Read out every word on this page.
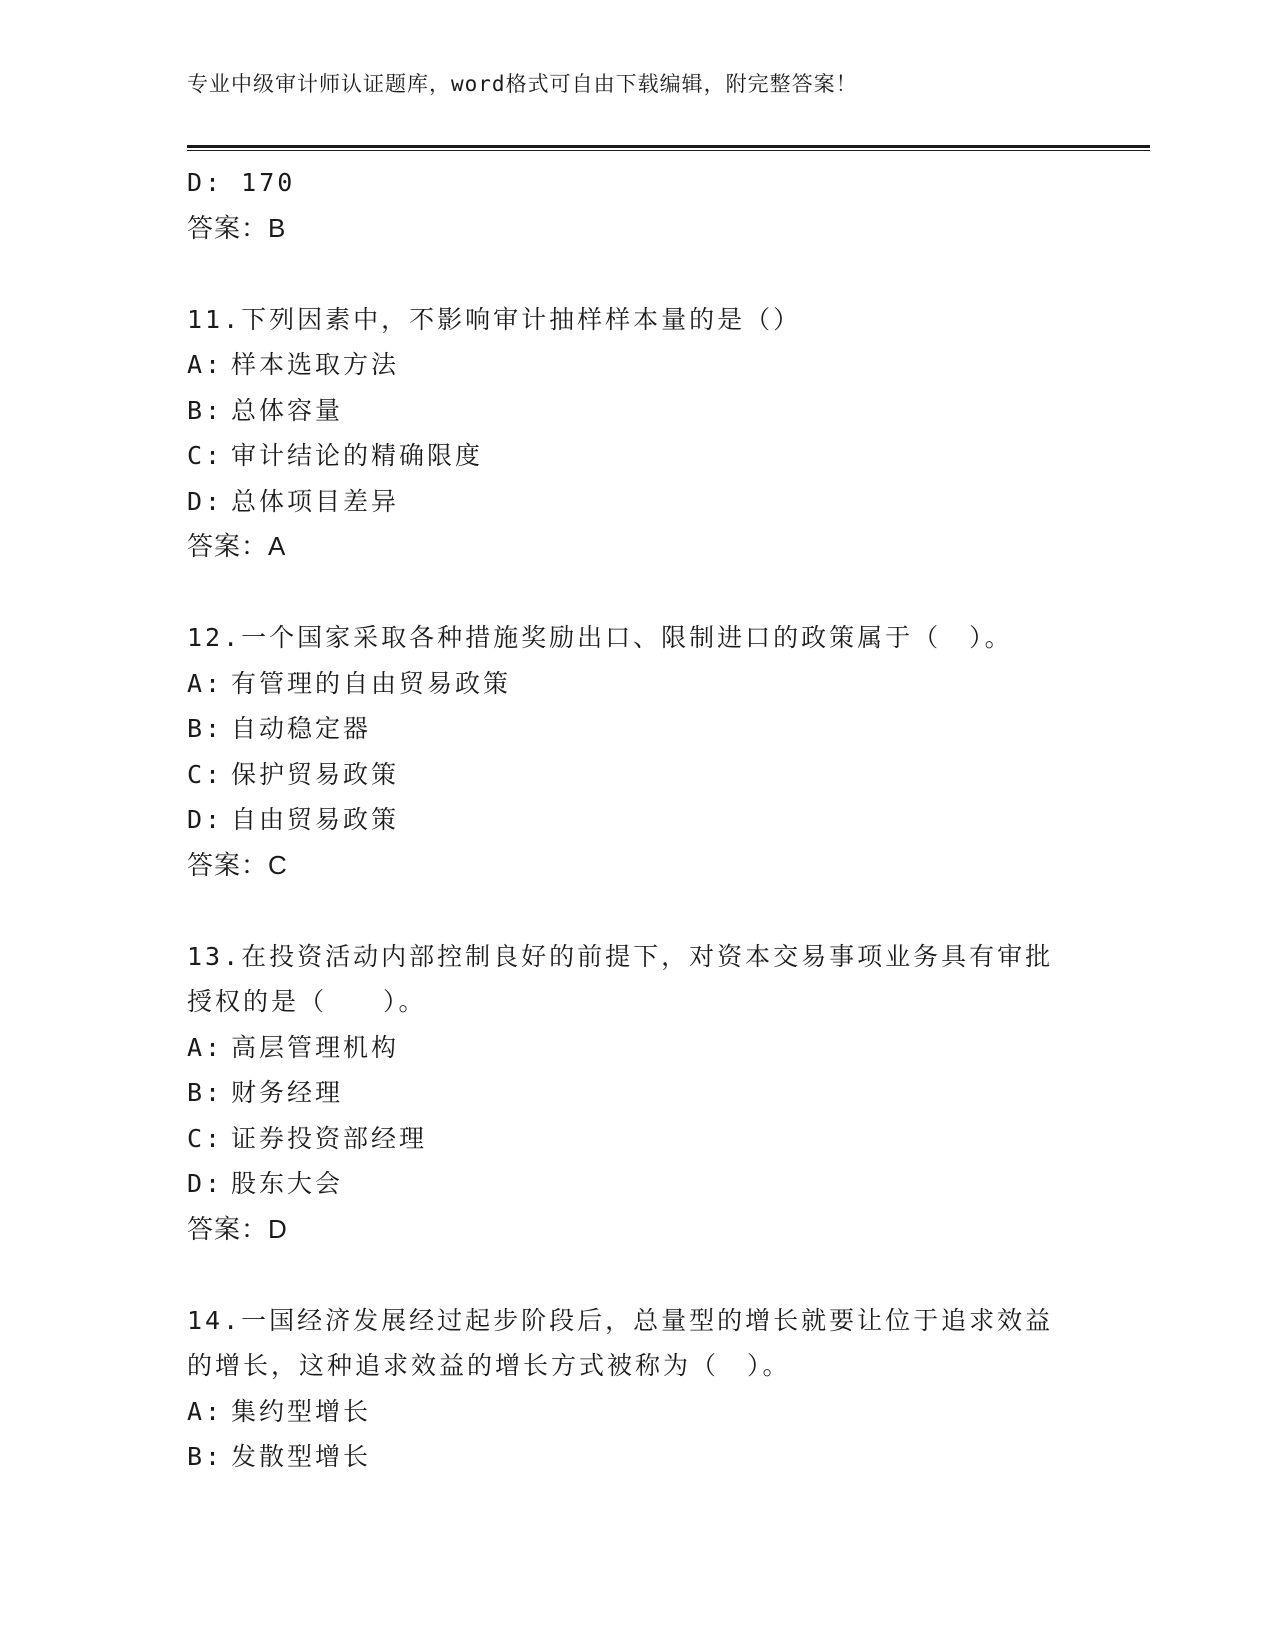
专业中级审计师认证题库，word格式可自由下载编辑，附完整答案！
D: 170
答案：B
11.下列因素中，不影响审计抽样样本量的是（）
A: 样本选取方法
B: 总体容量
C: 审计结论的精确限度
D: 总体项目差异
答案：A
12.一个国家采取各种措施奖励出口、限制进口的政策属于（　）。
A: 有管理的自由贸易政策
B: 自动稳定器
C: 保护贸易政策
D: 自由贸易政策
答案：C
13.在投资活动内部控制良好的前提下，对资本交易事项业务具有审批
授权的是（　　）。
A: 高层管理机构
B: 财务经理
C: 证券投资部经理
D: 股东大会
答案：D
14.一国经济发展经过起步阶段后，总量型的增长就要让位于追求效益
的增长，这种追求效益的增长方式被称为（　）。
A: 集约型增长
B: 发散型增长
